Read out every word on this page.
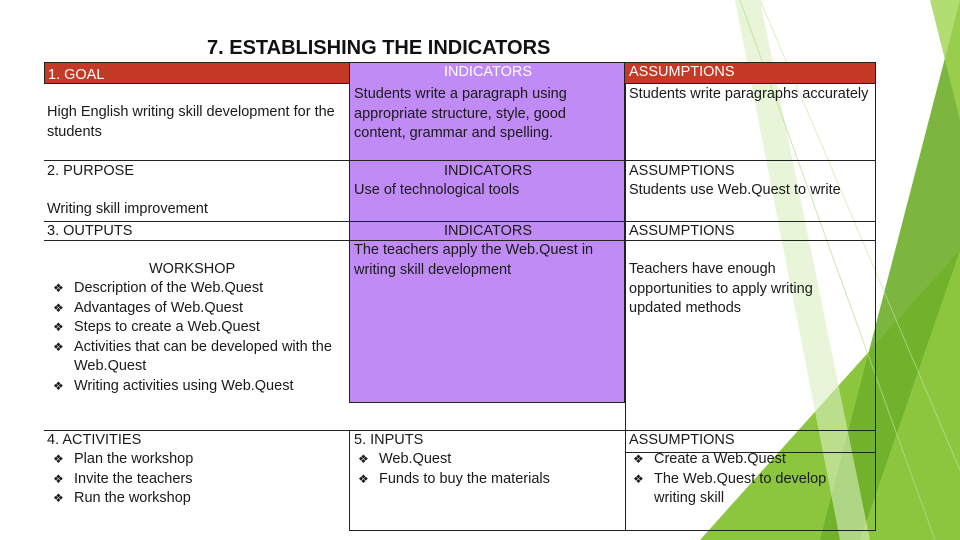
7. ESTABLISHING THE INDICATORS
1. GOAL	INDICATORS	ASSUMPTIONS
High English writing skill development for the students
Students write a paragraph using appropriate structure, style, good content, grammar and spelling.
Students write paragraphs accurately
2. PURPOSE
Writing skill improvement
INDICATORS
Use of technological tools
ASSUMPTIONS
Students use Web.Quest to write
3. OUTPUTS
WORKSHOP
❖ Description of the Web.Quest
❖ Advantages of Web.Quest
❖ Steps to create a Web.Quest
❖ Activities that can be developed with the Web.Quest
❖ Writing activities using Web.Quest
INDICATORS
The teachers apply the Web.Quest in writing skill development
ASSUMPTIONS
Teachers have enough opportunities to apply writing updated methods
4. ACTIVITIES
❖ Plan the workshop
❖ Invite the teachers
❖ Run the workshop
5. INPUTS
❖ Web.Quest
❖ Funds to buy the materials
ASSUMPTIONS
❖ Create a Web.Quest
❖ The Web.Quest to develop writing skill
